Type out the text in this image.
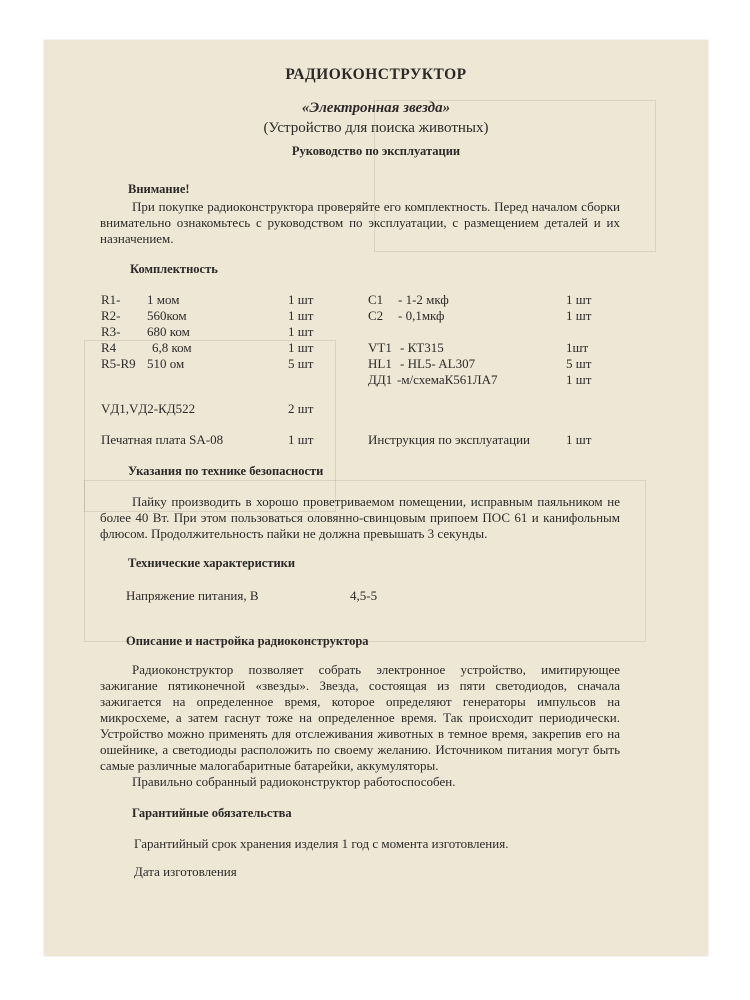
РАДИОКОНСТРУКТОР
«Электронная звезда»
(Устройство для поиска животных)
Руководство по эксплуатации
Внимание!
При покупке радиоконструктора проверяйте его комплектность. Перед началом сборки внимательно ознакомьтесь с руководством по эксплуатации, с размещением деталей и их назначением.
Комплектность
R1- 1 мом	1 шт
R2- 560ком	1 шт
R3- 680 ком	1 шт
R4	6,8 ком	1 шт
R5-R9 510 ом	5 шт
C1 - 1-2 мкф	1 шт
C2 - 0,1мкф	1 шт
VT1 - КТ315	1шт
HL1 - HL5- AL307	5 шт
ДД1 -м/схемаК561ЛА7	1 шт
VД1,VД2-КД522	2 шт
Печатная плата SA-08	1 шт	Инструкция по эксплуатации	1 шт
Указания по технике безопасности
Пайку производить в хорошо проветриваемом помещении, исправным паяльником не более 40 Вт. При этом пользоваться оловянно-свинцовым припоем ПОС 61 и канифольным флюсом. Продолжительность пайки не должна превышать 3 секунды.
Технические характеристики
Напряжение питания, В	4,5-5
Описание и настройка радиоконструктора
Радиоконструктор позволяет собрать электронное устройство, имитирующее зажигание пятиконечной «звезды». Звезда, состоящая из пяти светодиодов, сначала зажигается на определенное время, которое определяют генераторы импульсов на микросхеме, а затем гаснут тоже на определенное время. Так происходит периодически. Устройство можно применять для отслеживания животных в темное время, закрепив его на ошейнике, а светодиоды расположить по своему желанию. Источником питания могут быть самые различные малогабаритные батарейки, аккумуляторы.
Правильно собранный радиоконструктор работоспособен.
Гарантийные обязательства
Гарантийный срок хранения изделия 1 год с момента изготовления.
Дата изготовления
